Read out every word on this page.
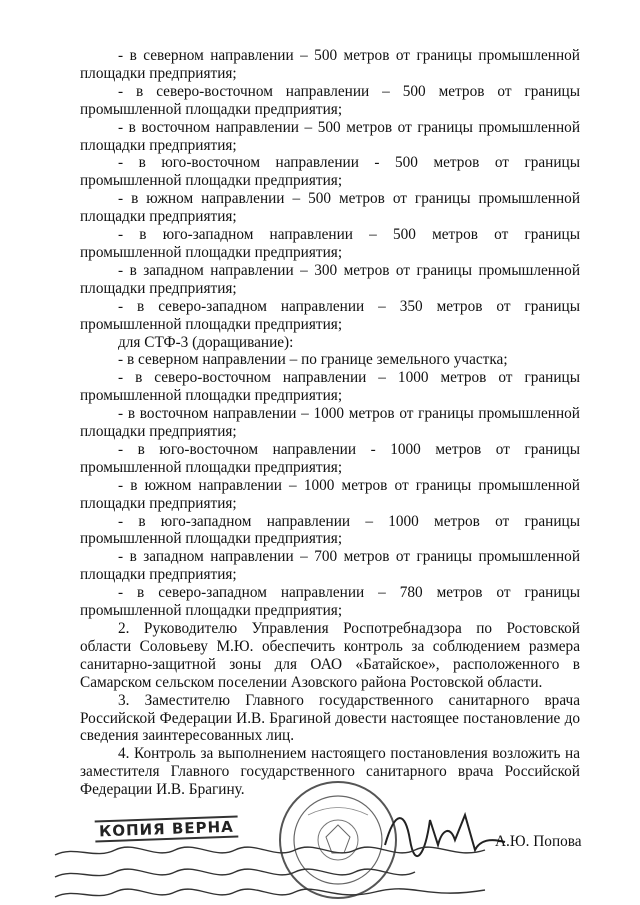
- в северном направлении – 500 метров от границы промышленной площадки предприятия;

- в северо-восточном направлении – 500 метров от границы промышленной площадки предприятия;

- в восточном направлении – 500 метров от границы промышленной площадки предприятия;

- в юго-восточном направлении - 500 метров от границы промышленной площадки предприятия;

- в южном направлении – 500 метров от границы промышленной площадки предприятия;

- в юго-западном направлении – 500 метров от границы промышленной площадки предприятия;

- в западном направлении – 300 метров от границы промышленной площадки предприятия;

- в северо-западном направлении – 350 метров от границы промышленной площадки предприятия;

для СТФ-3 (доращивание):

- в северном направлении – по границе земельного участка;

- в северо-восточном направлении – 1000 метров от границы промышленной площадки предприятия;

- в восточном направлении – 1000 метров от границы промышленной площадки предприятия;

- в юго-восточном направлении - 1000 метров от границы промышленной площадки предприятия;

- в южном направлении – 1000 метров от границы промышленной площадки предприятия;

- в юго-западном направлении – 1000 метров от границы промышленной площадки предприятия;

- в западном направлении – 700 метров от границы промышленной площадки предприятия;

- в северо-западном направлении – 780 метров от границы промышленной площадки предприятия;

2. Руководителю Управления Роспотребнадзора по Ростовской области Соловьеву М.Ю. обеспечить контроль за соблюдением размера санитарно-защитной зоны для ОАО «Батайское», расположенного в Самарском сельском поселении Азовского района Ростовской области.

3. Заместителю Главного государственного санитарного врача Российской Федерации И.В. Брагиной довести настоящее постановление до сведения заинтересованных лиц.

4. Контроль за выполнением настоящего постановления возложить на заместителя Главного государственного санитарного врача Российской Федерации И.В. Брагину.

КОПИЯ ВЕРНА
А.Ю. Попова
